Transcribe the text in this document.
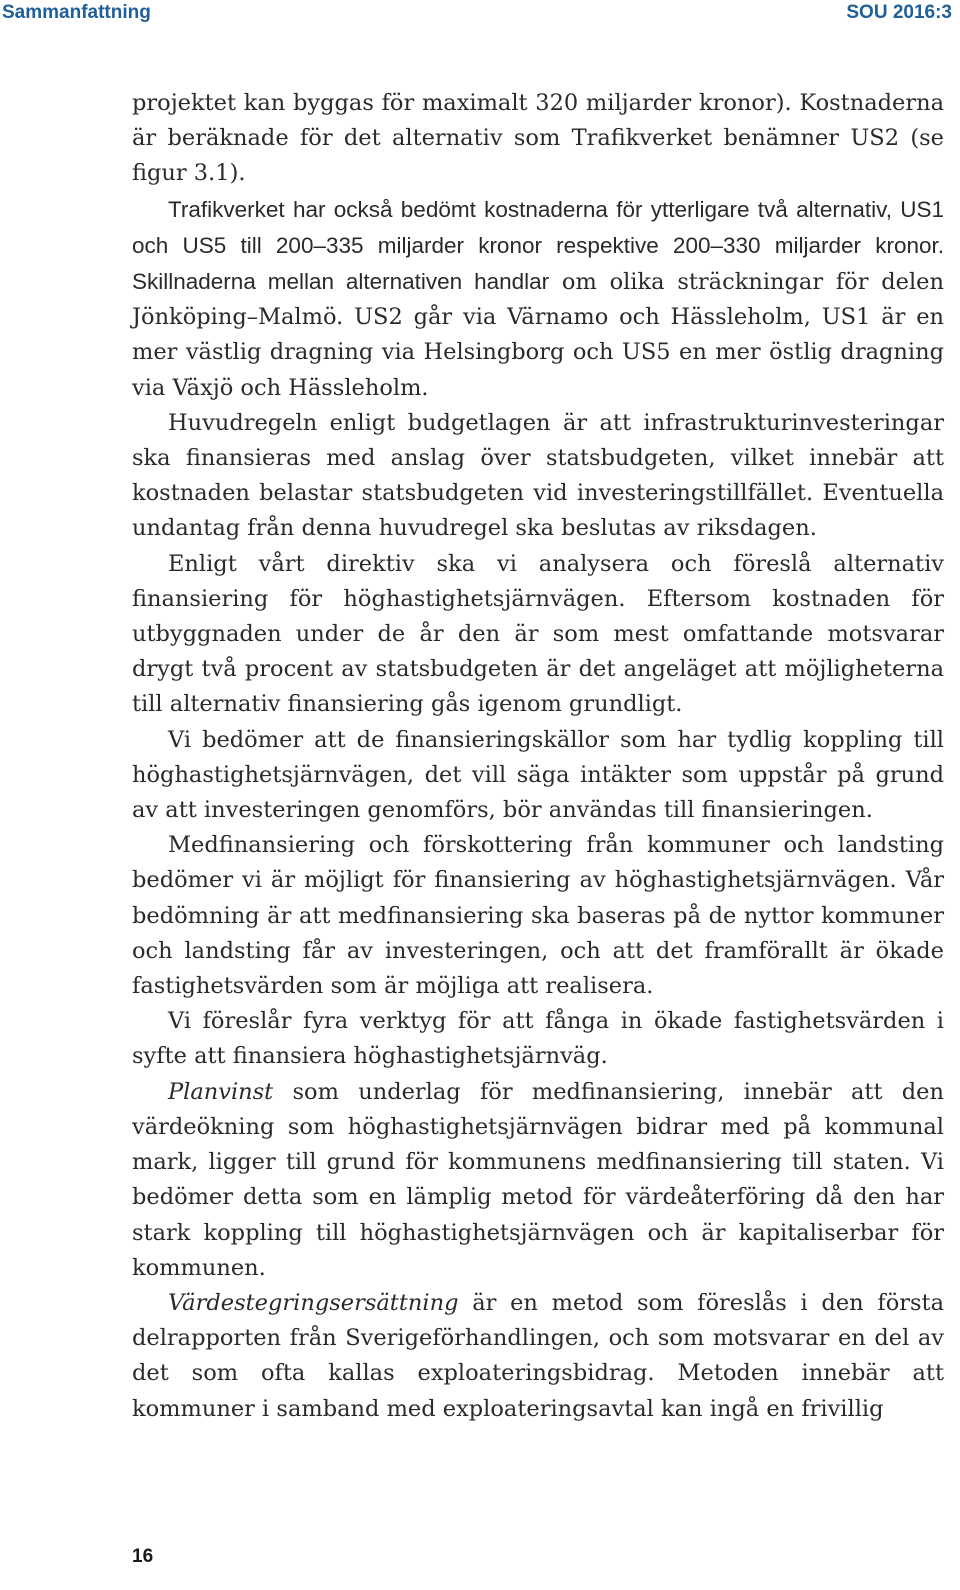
Sammanfattning	SOU 2016:3

projektet kan byggas för maximalt 320 miljarder kronor). Kostnaderna är beräknade för det alternativ som Trafikverket benämner US2 (se figur 3.1).

Trafikverket har också bedömt kostnaderna för ytterligare två alternativ, US1 och US5 till 200–335 miljarder kronor respektive 200–330 miljarder kronor. Skillnaderna mellan alternativen handlar om olika sträckningar för delen Jönköping–Malmö. US2 går via Värnamo och Hässleholm, US1 är en mer västlig dragning via Helsingborg och US5 en mer östlig dragning via Växjö och Hässleholm.

Huvudregeln enligt budgetlagen är att infrastrukturinvesteringar ska finansieras med anslag över statsbudgeten, vilket innebär att kostnaden belastar statsbudgeten vid investeringstillfället. Eventuella undantag från denna huvudregel ska beslutas av riksdagen.

Enligt vårt direktiv ska vi analysera och föreslå alternativ finansiering för höghastighetsjärnvägen. Eftersom kostnaden för utbyggnaden under de år den är som mest omfattande motsvarar drygt två procent av statsbudgeten är det angeläget att möjligheterna till alternativ finansiering gås igenom grundligt.

Vi bedömer att de finansieringskällor som har tydlig koppling till höghastighetsjärnvägen, det vill säga intäkter som uppstår på grund av att investeringen genomförs, bör användas till finansieringen.

Medfinansiering och förskottering från kommuner och landsting bedömer vi är möjligt för finansiering av höghastighetsjärnvägen. Vår bedömning är att medfinansiering ska baseras på de nyttor kommuner och landsting får av investeringen, och att det framförallt är ökade fastighetsvärden som är möjliga att realisera.

Vi föreslår fyra verktyg för att fånga in ökade fastighetsvärden i syfte att finansiera höghastighetsjärnväg.

Planvinst som underlag för medfinansiering, innebär att den värdeökning som höghastighetsjärnvägen bidrar med på kommunal mark, ligger till grund för kommunens medfinansiering till staten. Vi bedömer detta som en lämplig metod för värdeåterföring då den har stark koppling till höghastighetsjärnvägen och är kapitaliserbar för kommunen.

Värdestegringsersättning är en metod som föreslås i den första delrapporten från Sverigeförhandlingen, och som motsvarar en del av det som ofta kallas exploateringsbidrag. Metoden innebär att kommuner i samband med exploateringsavtal kan ingå en frivillig

16
